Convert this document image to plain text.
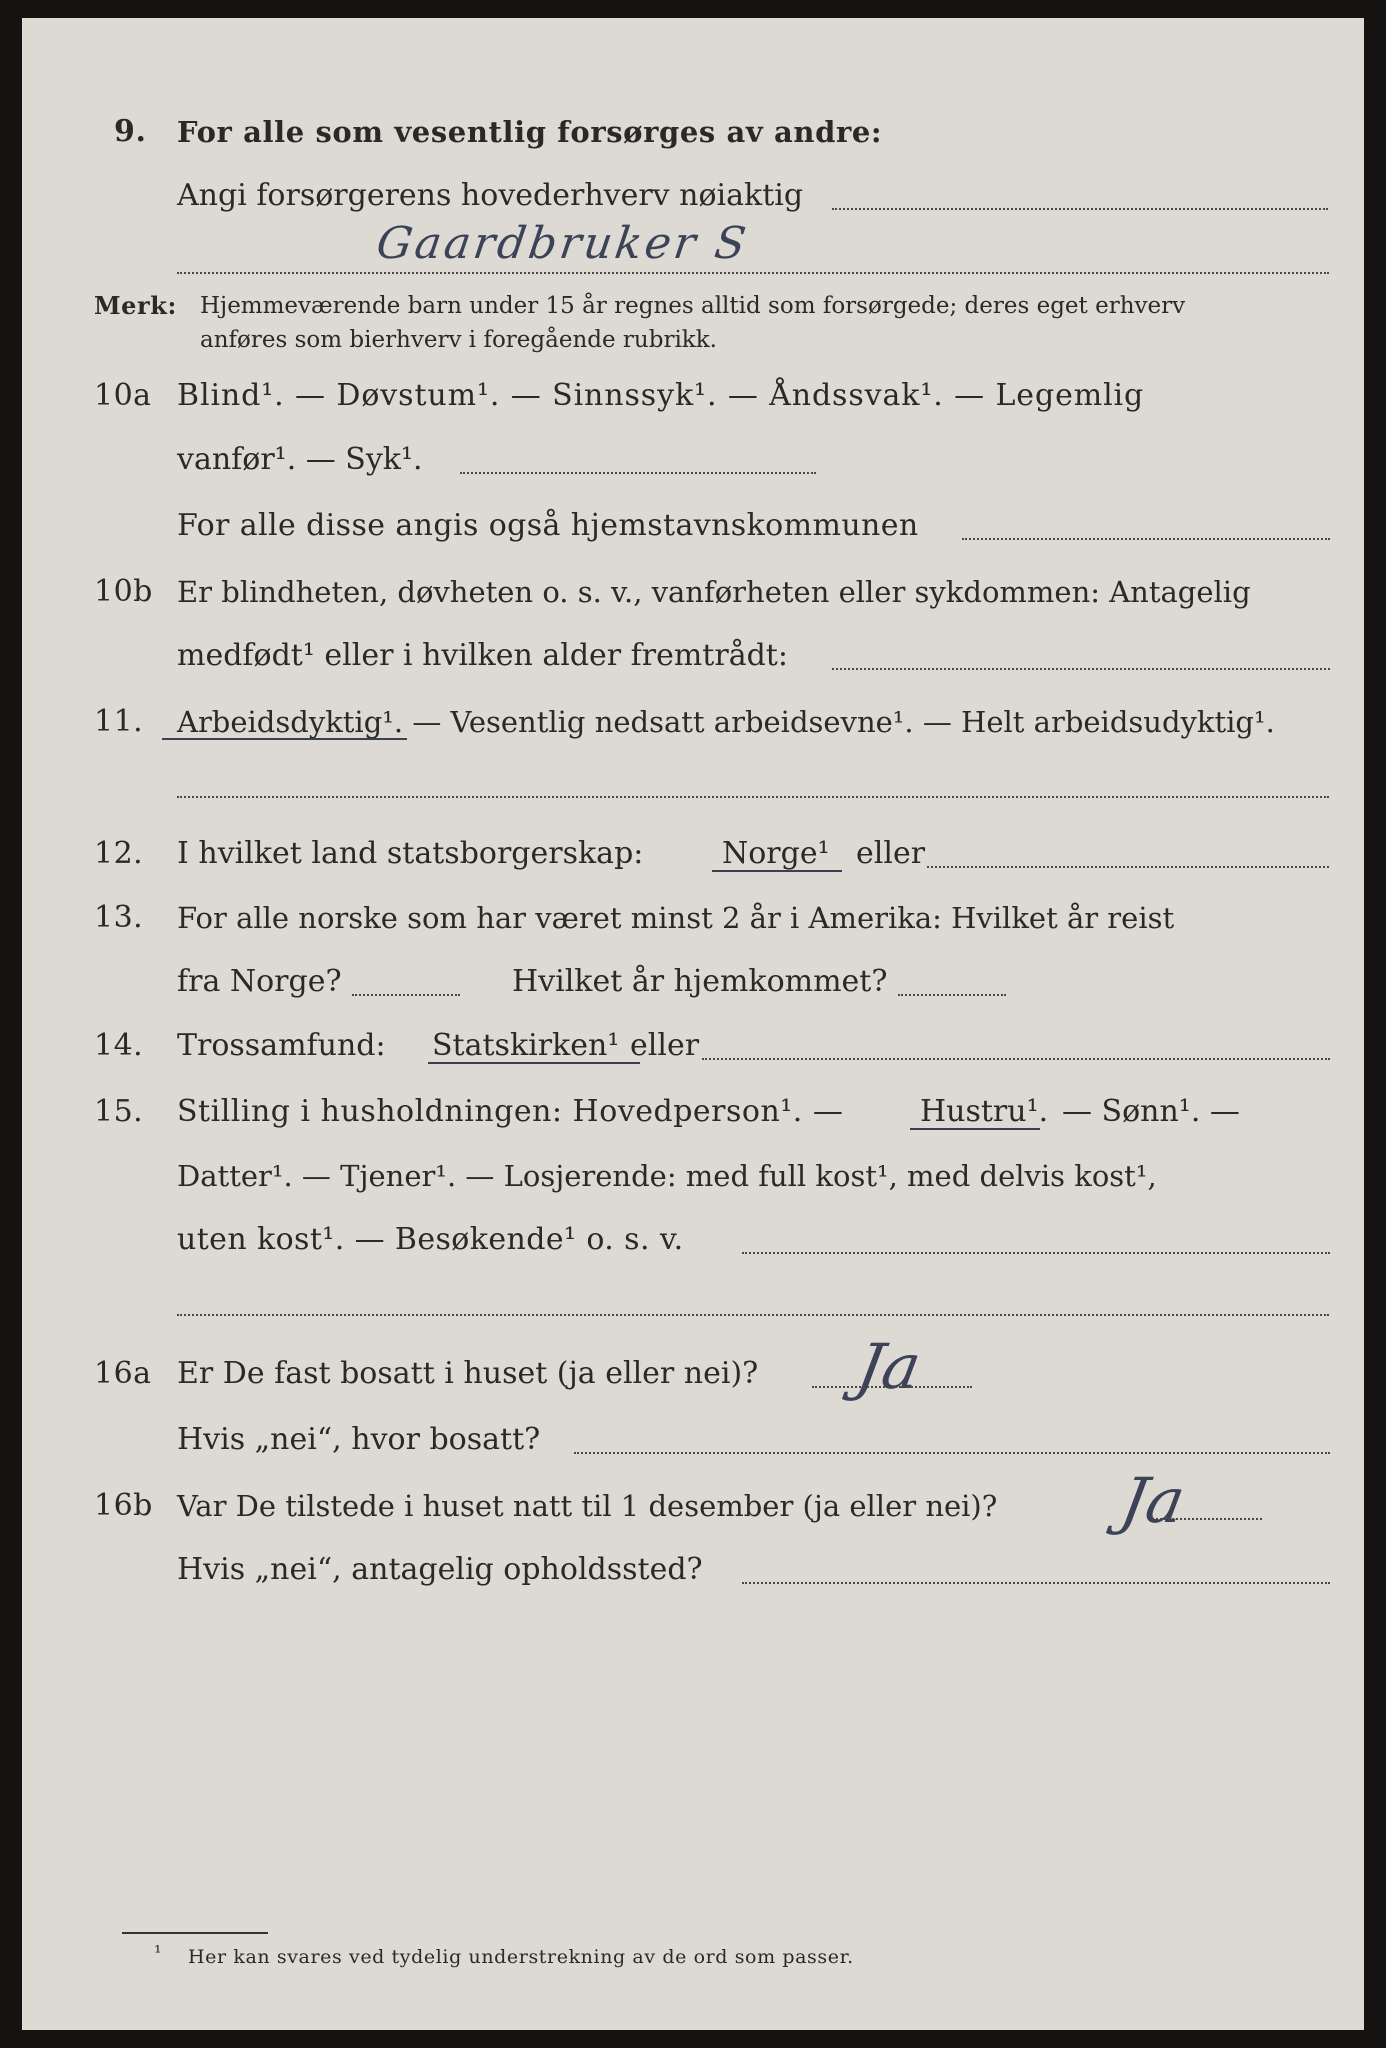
9. For alle som vesentlig forsørges av andre:
Angi forsørgerens hovederhverv nøiaktig
Gaardbruker S
Merk: Hjemmeværende barn under 15 år regnes alltid som forsørgede; deres eget erhverv
anføres som bierhverv i foregående rubrikk.
10a Blind¹. — Døvstum¹. — Sinnssyk¹. — Åndssvak¹. — Legemlig
vanfør¹. — Syk¹.
For alle disse angis også hjemstavnskommunen
10b Er blindheten, døvheten o. s. v., vanførheten eller sykdommen: Antagelig
medfødt¹ eller i hvilken alder fremtrådt:
11. Arbeidsdyktig¹. — Vesentlig nedsatt arbeidsevne¹. — Helt arbeidsudyktig¹.
12. I hvilket land statsborgerskap:	Norge¹ eller
13. For alle norske som har været minst 2 år i Amerika: Hvilket år reist
fra Norge?	Hvilket år hjemkommet?
14. Trossamfund: Statskirken¹ eller
15. Stilling i husholdningen: Hovedperson¹. —	Hustru¹. — Sønn¹. —
Datter¹. — Tjener¹. — Losjerende: med full kost¹, med delvis kost¹,
uten kost¹. — Besøkende¹ o. s. v.
16a Er De fast bosatt i huset (ja eller nei)? Ja
Hvis „nei“, hvor bosatt?
16b Var De tilstede i huset natt til 1 desember (ja eller nei)? Ja
Hvis „nei“, antagelig opholdssted?
¹ Her kan svares ved tydelig understrekning av de ord som passer.
